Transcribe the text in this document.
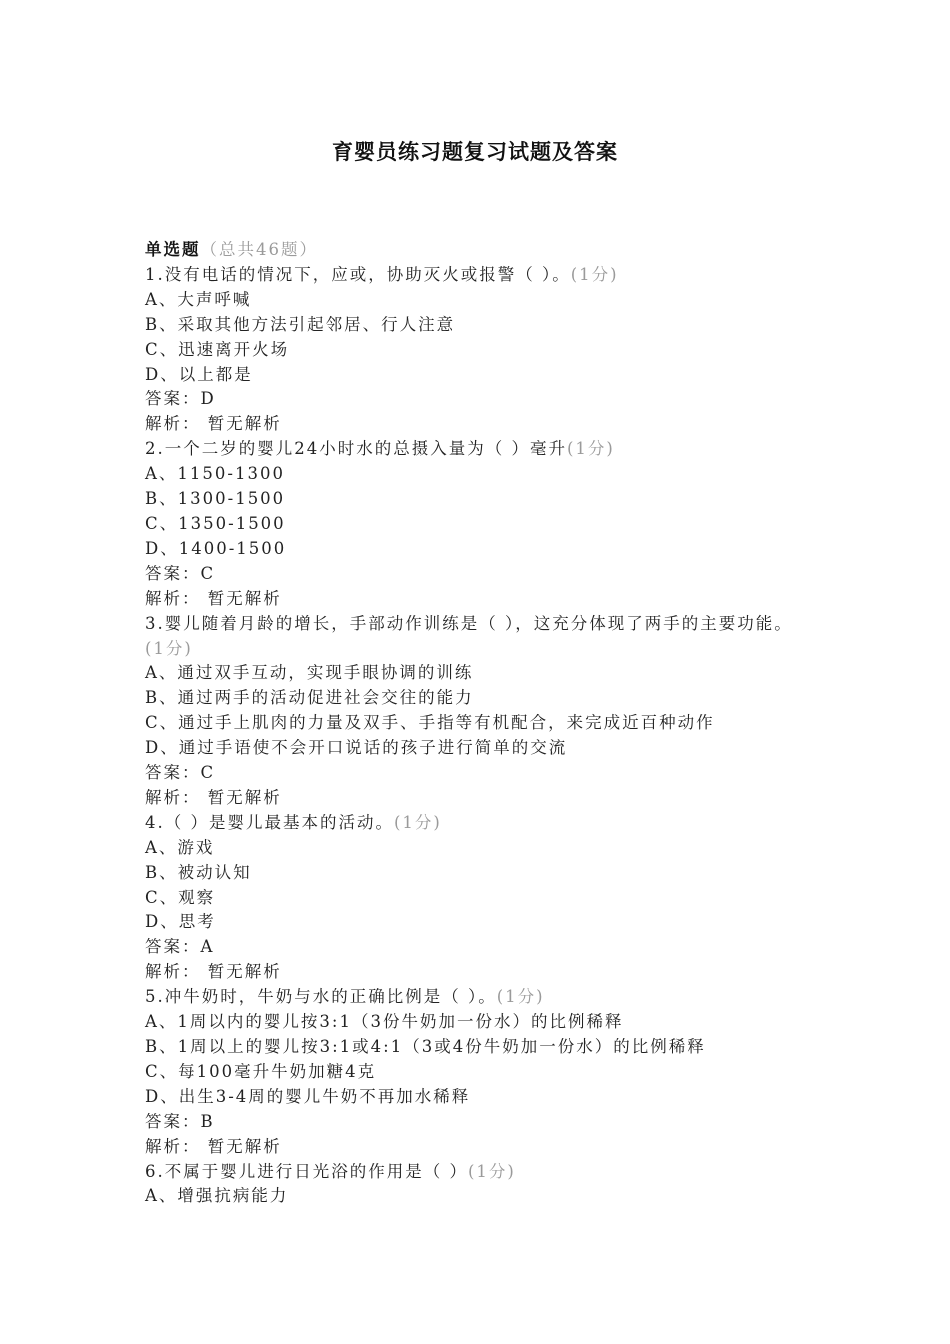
育婴员练习题复习试题及答案
单选题（总共46题）
1.没有电话的情况下，应或，协助灭火或报警（ ）。(1分)
A、大声呼喊
B、采取其他方法引起邻居、行人注意
C、迅速离开火场
D、以上都是
答案：D
解析： 暂无解析
2.一个二岁的婴儿24小时水的总摄入量为（ ）毫升(1分)
A、1150-1300
B、1300-1500
C、1350-1500
D、1400-1500
答案：C
解析： 暂无解析
3.婴儿随着月龄的增长，手部动作训练是（ ），这充分体现了两手的主要功能。
(1分)
A、通过双手互动，实现手眼协调的训练
B、通过两手的活动促进社会交往的能力
C、通过手上肌肉的力量及双手、手指等有机配合，来完成近百种动作
D、通过手语使不会开口说话的孩子进行简单的交流
答案：C
解析： 暂无解析
4.（ ）是婴儿最基本的活动。(1分)
A、游戏
B、被动认知
C、观察
D、思考
答案：A
解析： 暂无解析
5.冲牛奶时，牛奶与水的正确比例是（ ）。(1分)
A、1周以内的婴儿按3:1（3份牛奶加一份水）的比例稀释
B、1周以上的婴儿按3:1或4:1（3或4份牛奶加一份水）的比例稀释
C、每100毫升牛奶加糖4克
D、出生3-4周的婴儿牛奶不再加水稀释
答案：B
解析： 暂无解析
6.不属于婴儿进行日光浴的作用是（ ）(1分)
A、增强抗病能力
